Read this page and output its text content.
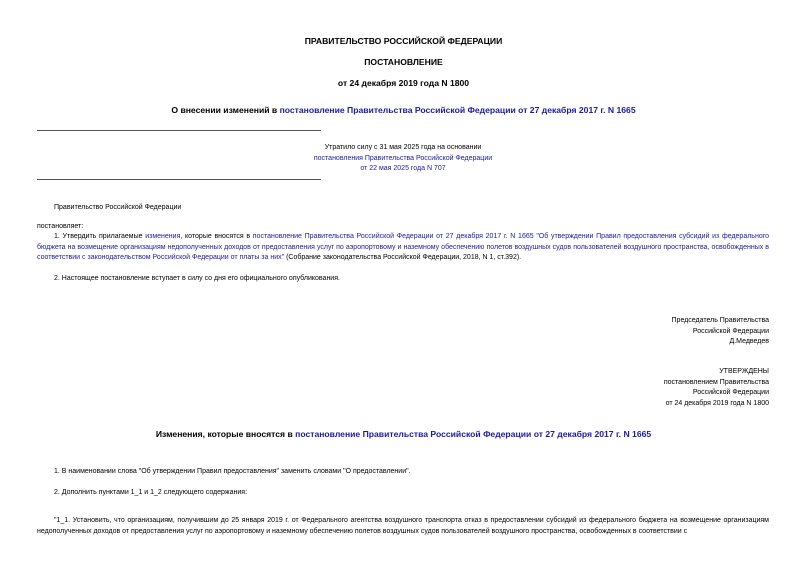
ПРАВИТЕЛЬСТВО РОССИЙСКОЙ ФЕДЕРАЦИИ
ПОСТАНОВЛЕНИЕ
от 24 декабря 2019 года N 1800
О внесении изменений в постановление Правительства Российской Федерации от 27 декабря 2017 г. N 1665
Утратило силу с 31 мая 2025 года на основании
постановления Правительства Российской Федерации
от 22 мая 2025 года N 707
Правительство Российской Федерации
постановляет:
1. Утвердить прилагаемые изменения, которые вносятся в постановление Правительства Российской Федерации от 27 декабря 2017 г. N 1665 "Об утверждении Правил предоставления субсидий из федерального бюджета на возмещение организациям недополученных доходов от предоставления услуг по аэропортовому и наземному обеспечению полетов воздушных судов пользователей воздушного пространства, освобожденных в соответствии с законодательством Российской Федерации от платы за них" (Собрание законодательства Российской Федерации, 2018, N 1, ст.392).
2. Настоящее постановление вступает в силу со дня его официального опубликования.
Председатель Правительства
Российской Федерации
Д.Медведев
УТВЕРЖДЕНЫ
постановлением Правительства
Российской Федерации
от 24 декабря 2019 года N 1800
Изменения, которые вносятся в постановление Правительства Российской Федерации от 27 декабря 2017 г. N 1665
1. В наименовании слова "Об утверждении Правил предоставления" заменить словами "О предоставлении".
2. Дополнить пунктами 1_1 и 1_2 следующего содержания:
"1_1. Установить, что организациям, получившим до 25 января 2019 г. от Федерального агентства воздушного транспорта отказ в предоставлении субсидий из федерального бюджета на возмещение организациям недополученных доходов от предоставления услуг по аэропортовому и наземному обеспечению полетов воздушных судов пользователей воздушного пространства, освобожденных в соответствии с
